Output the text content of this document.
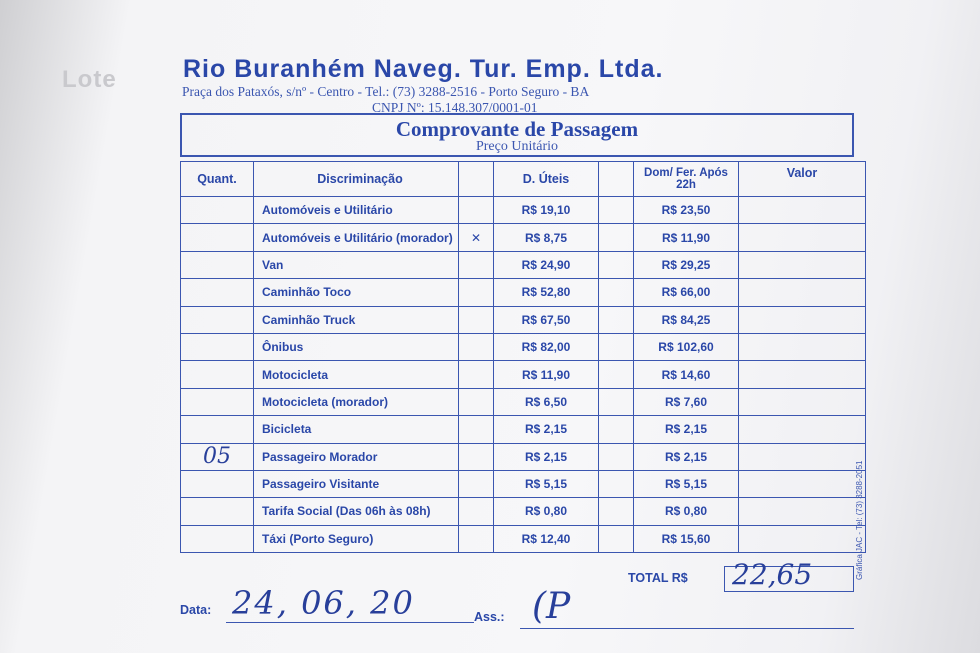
Lote	Rio Buranhém Naveg. Tur. Emp. Ltda.
Praça dos Pataxós, s/nº - Centro - Tel.: (73) 3288-2516 - Porto Seguro - BA
CNPJ Nº: 15.148.307/0001-01
Comprovante de Passagem
Preço Unitário
Quant.	Discriminação		D. Úteis		Dom/ Fer. Após 22h	Valor
	Automóveis e Utilitário		R$ 19,10		R$ 23,50	
	Automóveis e Utilitário (morador)	✕	R$ 8,75		R$ 11,90	
	Van		R$ 24,90		R$ 29,25	
	Caminhão Toco		R$ 52,80		R$ 66,00	
	Caminhão Truck		R$ 67,50		R$ 84,25	
	Ônibus		R$ 82,00		R$ 102,60	
	Motocicleta		R$ 11,90		R$ 14,60	
	Motocicleta (morador)		R$ 6,50		R$ 7,60	
	Bicicleta		R$ 2,15		R$ 2,15	
05	Passageiro Morador		R$ 2,15		R$ 2,15	
	Passageiro Visitante		R$ 5,15		R$ 5,15	
	Tarifa Social (Das 06h às 08h)		R$ 0,80		R$ 0,80	
	Táxi (Porto Seguro)		R$ 12,40		R$ 15,60	
TOTAL R$ 22,65
Data: 24, 06, 20	Ass.: (P
Gráfica JAC - Tel: (73) 3288-2051
